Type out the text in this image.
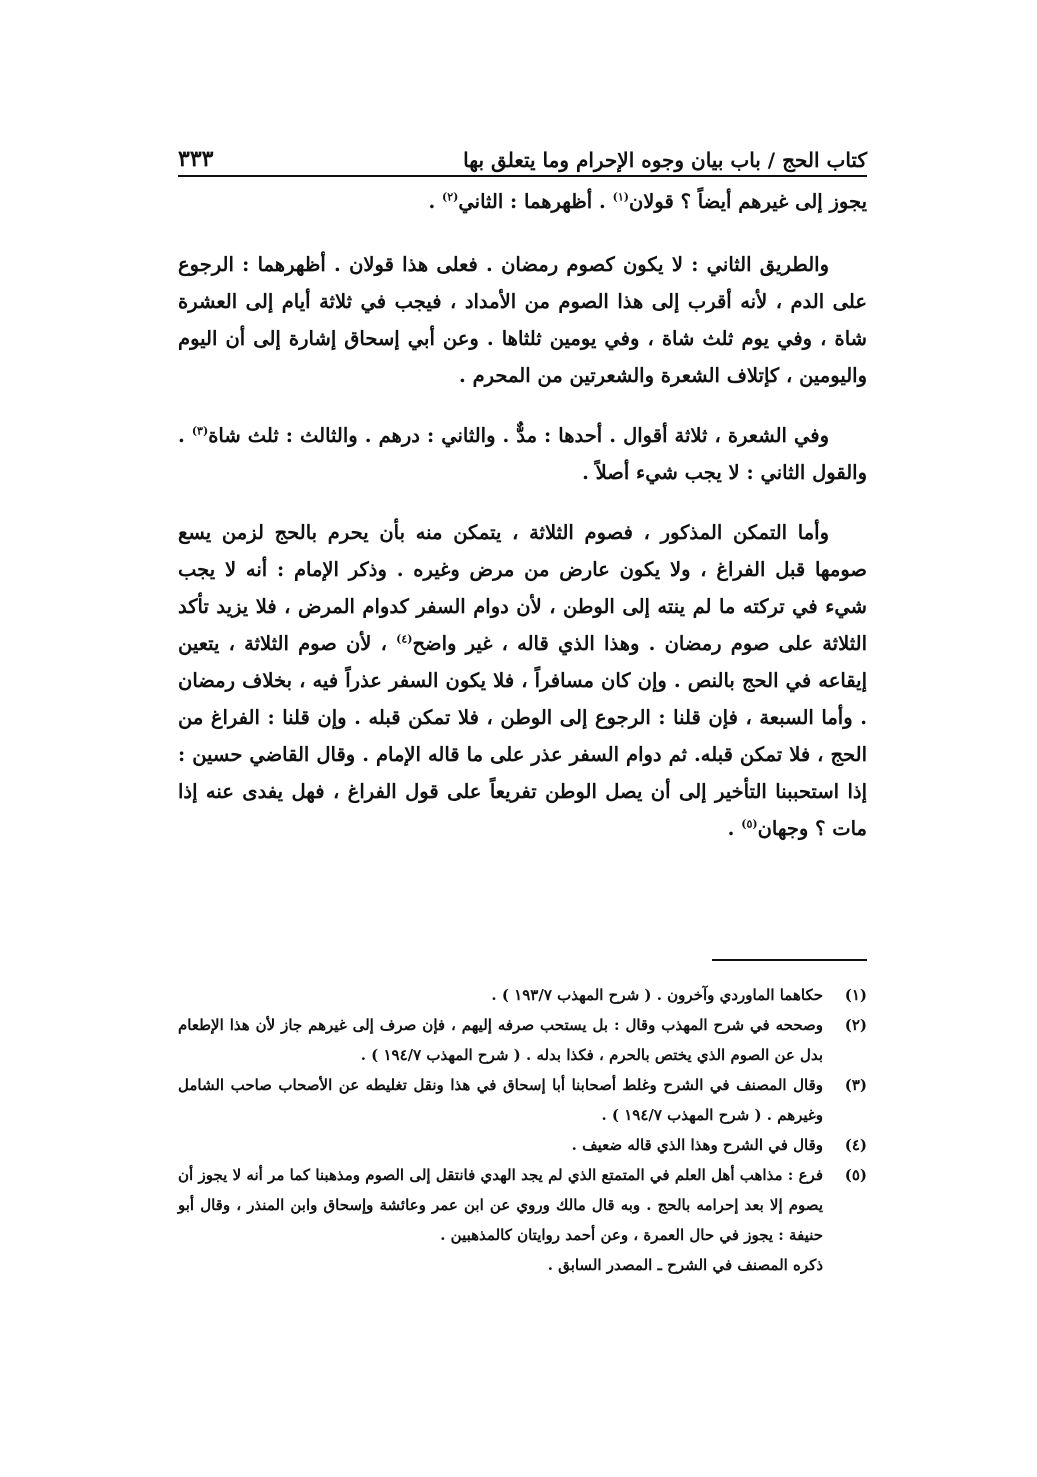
كتاب الحج / باب بيان وجوه الإحرام وما يتعلق بها
٣٣٣

يجوز إلى غيرهم أيضاً ؟ قولان$^{(١)}$ . أظهرهما : الثاني$^{(٢)}$ .

والطريق الثاني : لا يكون كصوم رمضان . فعلى هذا قولان . أظهرهما : الرجوع على الدم ، لأنه أقرب إلى هذا الصوم من الأمداد ، فيجب في ثلاثة أيام إلى العشرة شاة ، وفي يوم ثلث شاة ، وفي يومين ثلثاها . وعن أبي إسحاق إشارة إلى أن اليوم واليومين ، كإتلاف الشعرة والشعرتين من المحرم .

وفي الشعرة ، ثلاثة أقوال . أحدها : مدٌّ . والثاني : درهم . والثالث : ثلث شاة$^{(٣)}$ . والقول الثاني : لا يجب شيء أصلاً .

وأما التمكن المذكور ، فصوم الثلاثة ، يتمكن منه بأن يحرم بالحج لزمن يسع صومها قبل الفراغ ، ولا يكون عارض من مرض وغيره . وذكر الإمام : أنه لا يجب شيء في تركته ما لم ينته إلى الوطن ، لأن دوام السفر كدوام المرض ، فلا يزيد تأكد الثلاثة على صوم رمضان . وهذا الذي قاله ، غير واضح$^{(٤)}$ ، لأن صوم الثلاثة ، يتعين إيقاعه في الحج بالنص . وإن كان مسافراً ، فلا يكون السفر عذراً فيه ، بخلاف رمضان . وأما السبعة ، فإن قلنا : الرجوع إلى الوطن ، فلا تمكن قبله . وإن قلنا : الفراغ من الحج ، فلا تمكن قبله. ثم دوام السفر عذر على ما قاله الإمام . وقال القاضي حسين : إذا استحببنا التأخير إلى أن يصل الوطن تفريعاً على قول الفراغ ، فهل يفدى عنه إذا مات ؟ وجهان$^{(٥)}$ .

(١)
حكاهما الماوردي وآخرون . ( شرح المهذب ١٩٣/٧ ) .
(٢)
وصححه في شرح المهذب وقال : بل يستحب صرفه إليهم ، فإن صرف إلى غيرهم جاز لأن هذا الإطعام بدل عن الصوم الذي يختص بالحرم ، فكذا بدله . ( شرح المهذب ١٩٤/٧ ) .
(٣)
وقال المصنف في الشرح وغلط أصحابنا أبا إسحاق في هذا ونقل تغليطه عن الأصحاب صاحب الشامل وغيرهم . ( شرح المهذب ١٩٤/٧ ) .
(٤)
وقال في الشرح وهذا الذي قاله ضعيف .
(٥)
فرع : مذاهب أهل العلم في المتمتع الذي لم يجد الهدي فانتقل إلى الصوم ومذهبنا كما مر أنه لا يجوز أن يصوم إلا بعد إحرامه بالحج . وبه قال مالك وروي عن ابن عمر وعائشة وإسحاق وابن المنذر ، وقال أبو حنيفة : يجوز في حال العمرة ، وعن أحمد روايتان كالمذهبين .
ذكره المصنف في الشرح ـ المصدر السابق .
